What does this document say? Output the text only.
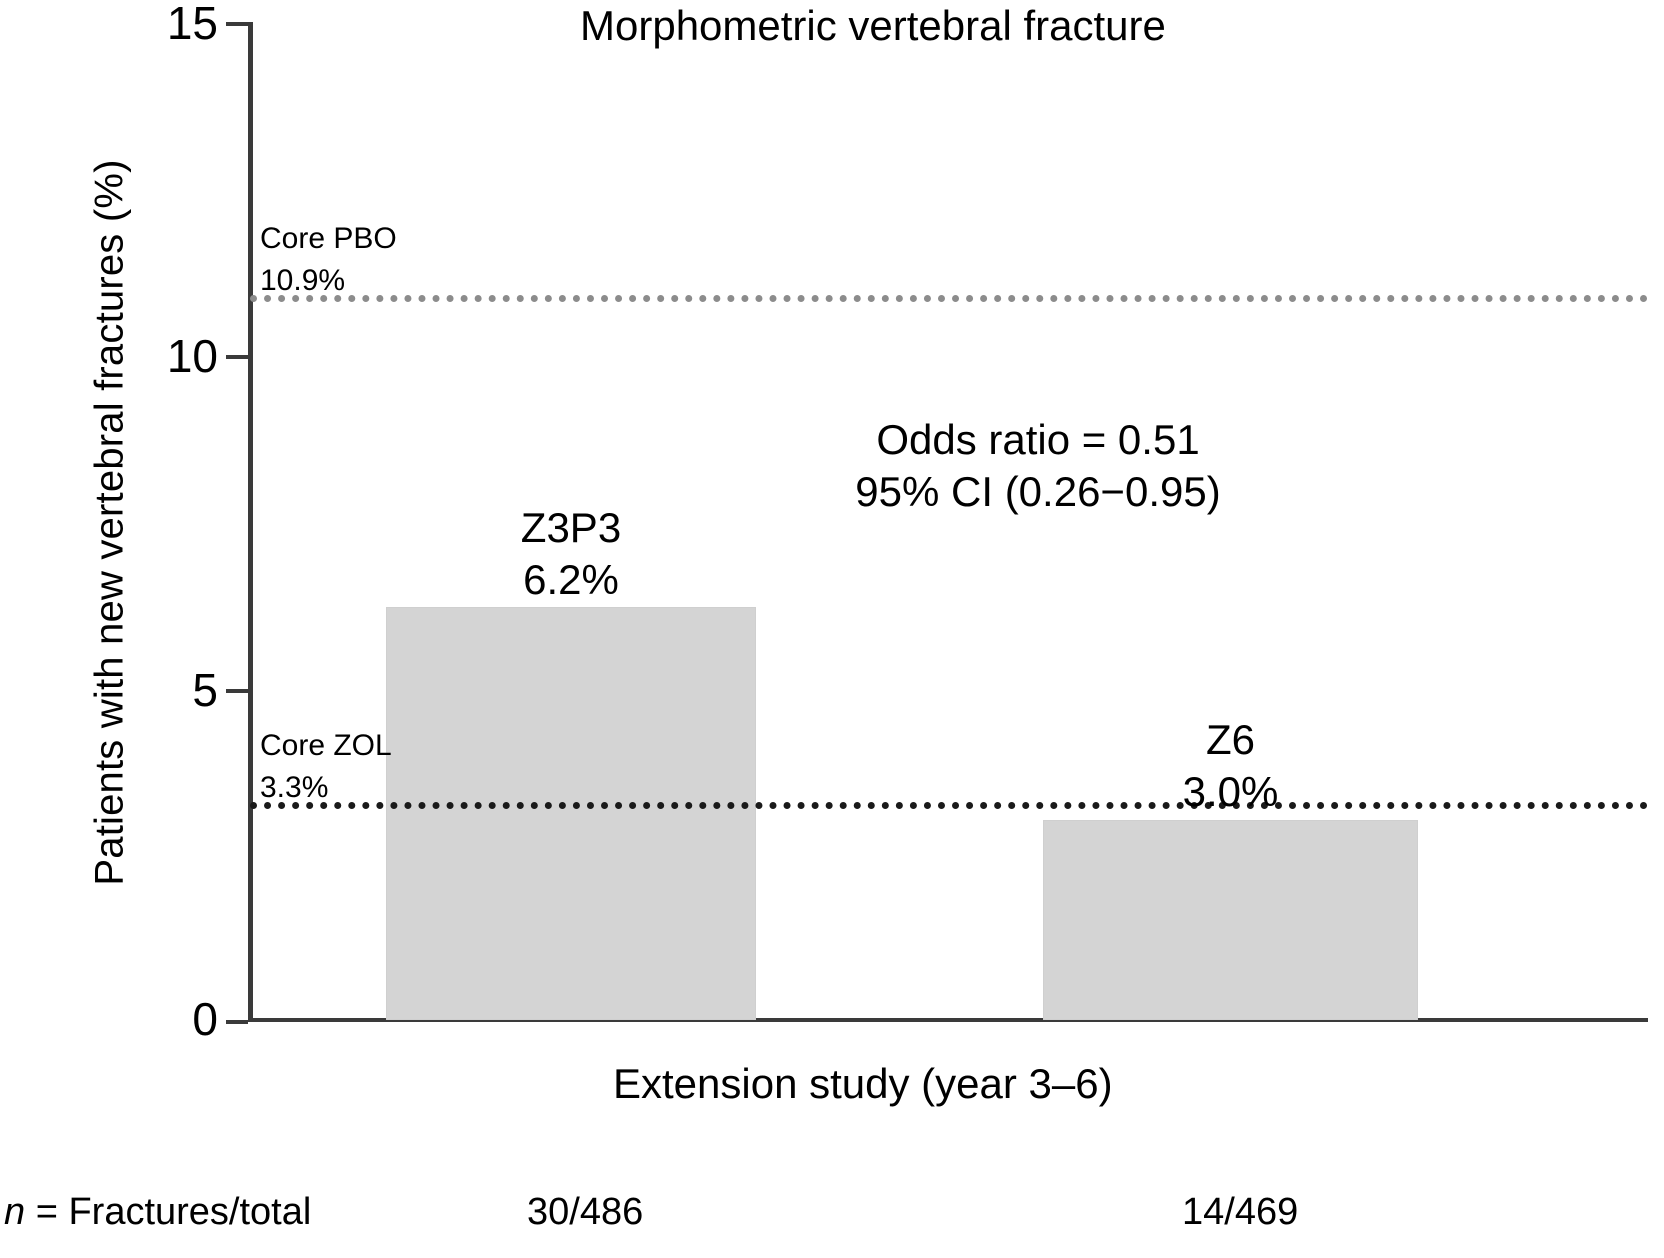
Patients with new vertebral fractures (%)
Morphometric vertebral fracture
15
10
5
0
Core PBO
10.9%
Core ZOL
3.3%
Z3P3
6.2%
Z6
3.0%
Odds ratio = 0.51
95% CI (0.26−0.95)
Extension study (year 3–6)
n = Fractures/total	30/486	14/469
